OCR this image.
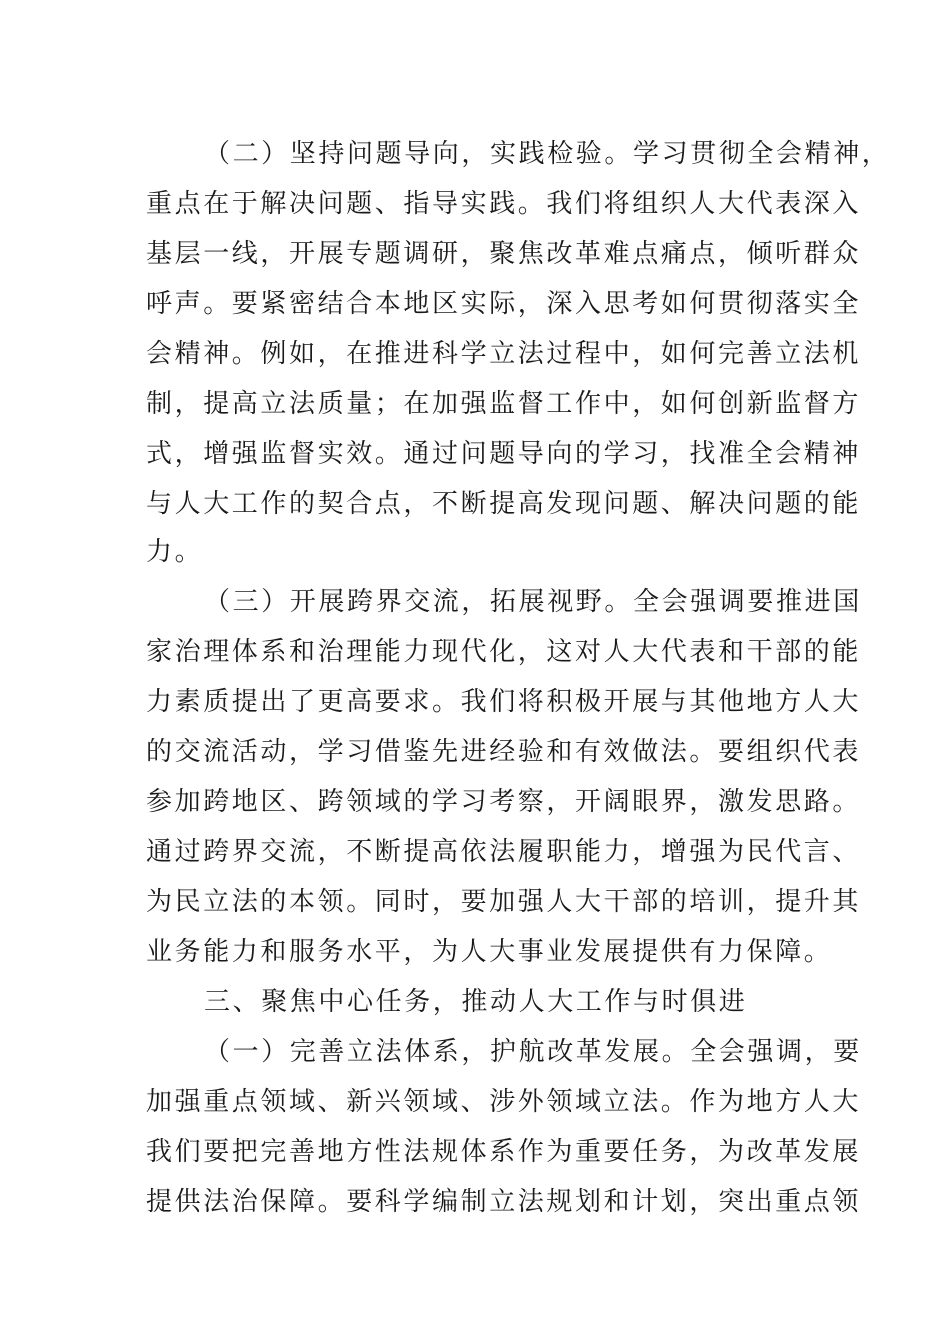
（二）坚持问题导向，实践检验。学习贯彻全会精神，
重点在于解决问题、指导实践。我们将组织人大代表深入
基层一线，开展专题调研，聚焦改革难点痛点，倾听群众
呼声。要紧密结合本地区实际，深入思考如何贯彻落实全
会精神。例如，在推进科学立法过程中，如何完善立法机
制，提高立法质量；在加强监督工作中，如何创新监督方
式，增强监督实效。通过问题导向的学习，找准全会精神
与人大工作的契合点，不断提高发现问题、解决问题的能
力。
（三）开展跨界交流，拓展视野。全会强调要推进国
家治理体系和治理能力现代化，这对人大代表和干部的能
力素质提出了更高要求。我们将积极开展与其他地方人大
的交流活动，学习借鉴先进经验和有效做法。要组织代表
参加跨地区、跨领域的学习考察，开阔眼界，激发思路。
通过跨界交流，不断提高依法履职能力，增强为民代言、
为民立法的本领。同时，要加强人大干部的培训，提升其
业务能力和服务水平，为人大事业发展提供有力保障。
三、聚焦中心任务，推动人大工作与时俱进
（一）完善立法体系，护航改革发展。全会强调，要
加强重点领域、新兴领域、涉外领域立法。作为地方人大
我们要把完善地方性法规体系作为重要任务，为改革发展
提供法治保障。要科学编制立法规划和计划，突出重点领
